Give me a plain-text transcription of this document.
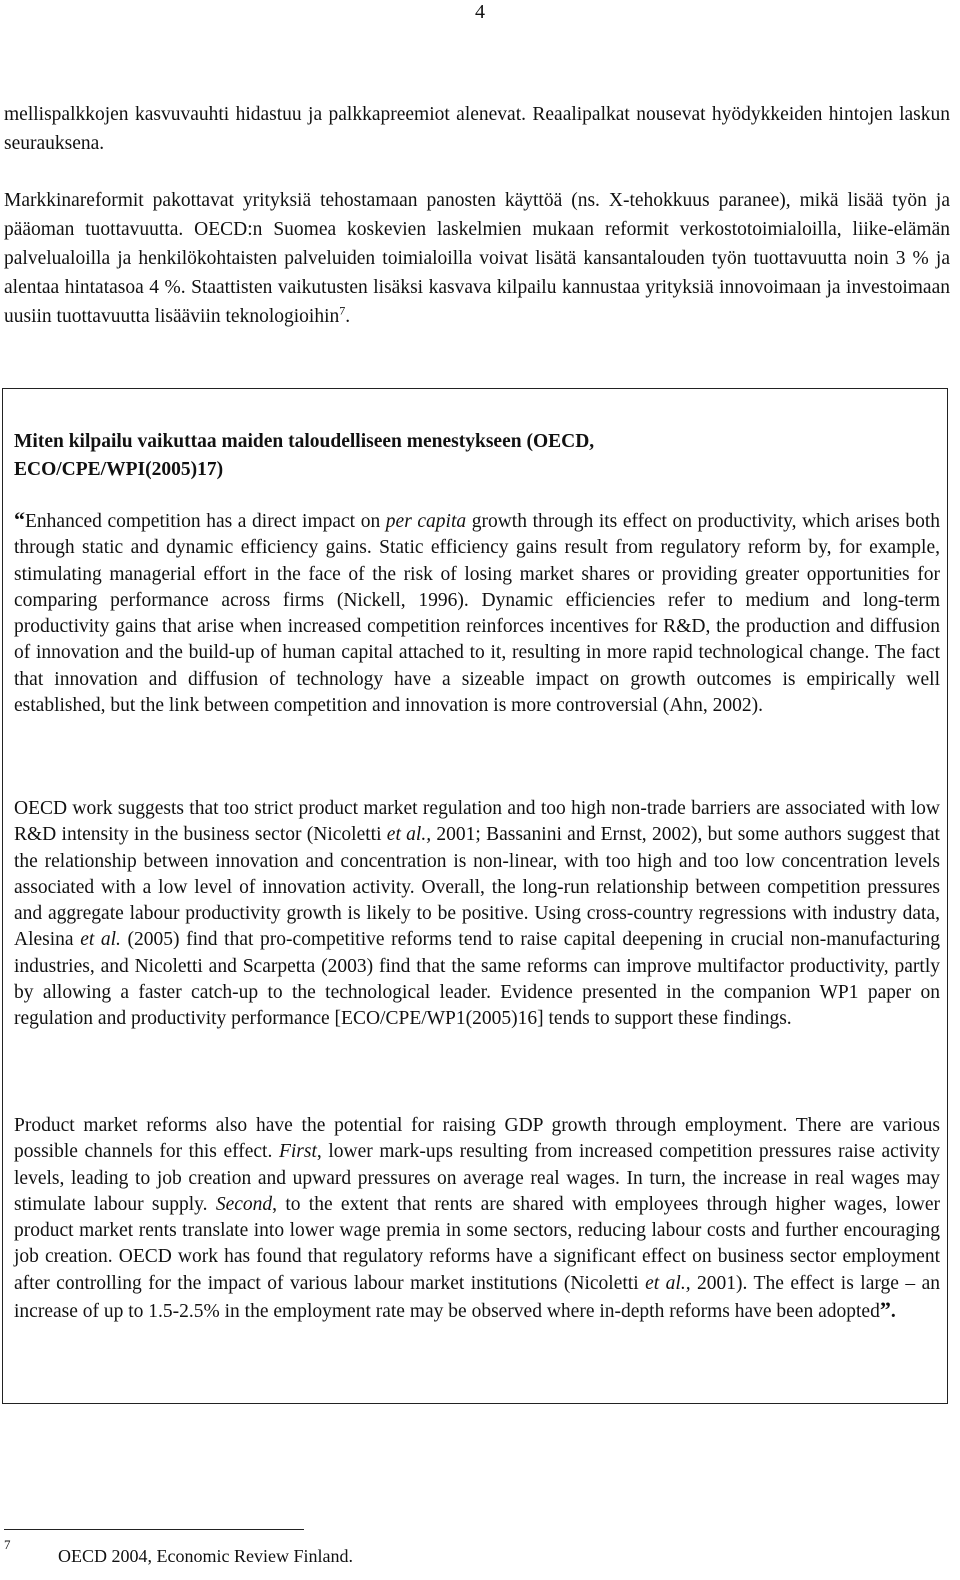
4

mellispalkkojen kasvuvauhti hidastuu ja palkkapreemiot alenevat. Reaalipalkat nousevat hyödykkeiden hintojen laskun seurauksena.

Markkinareformit pakottavat yrityksiä tehostamaan panosten käyttöä (ns. X-tehokkuus paranee), mikä lisää työn ja pääoman tuottavuutta. OECD:n Suomea koskevien laskelmien mukaan reformit verkostotoimialoilla, liike-elämän palvelualoilla ja henkilökohtaisten palveluiden toimialoilla voivat lisätä kansantalouden työn tuottavuutta noin 3 % ja alentaa hintatasoa 4 %. Staattisten vaikutusten lisäksi kasvava kilpailu kannustaa yrityksiä innovoimaan ja investoimaan uusiin tuottavuutta lisääviin teknologioihin$^7$.

Miten kilpailu vaikuttaa maiden taloudelliseen menestykseen (OECD,
ECO/CPE/WPI(2005)17)

“Enhanced competition has a direct impact on per capita growth through its effect on productivity, which arises both through static and dynamic efficiency gains. Static efficiency gains result from regulatory reform by, for example, stimulating managerial effort in the face of the risk of losing market shares or providing greater opportunities for comparing performance across firms (Nickell, 1996). Dynamic efficiencies refer to medium and long-term productivity gains that arise when increased competition reinforces incentives for R&D, the production and diffusion of innovation and the build-up of human capital attached to it, resulting in more rapid technological change. The fact that innovation and diffusion of technology have a sizeable impact on growth outcomes is empirically well established, but the link between competition and innovation is more controversial (Ahn, 2002).

OECD work suggests that too strict product market regulation and too high non-trade barriers are associated with low R&D intensity in the business sector (Nicoletti et al., 2001; Bassanini and Ernst, 2002), but some authors suggest that the relationship between innovation and concentration is non-linear, with too high and too low concentration levels associated with a low level of innovation activity. Overall, the long-run relationship between competition pressures and aggregate labour productivity growth is likely to be positive. Using cross-country regressions with industry data, Alesina et al. (2005) find that pro-competitive reforms tend to raise capital deepening in crucial non-manufacturing industries, and Nicoletti and Scarpetta (2003) find that the same reforms can improve multifactor productivity, partly by allowing a faster catch-up to the technological leader. Evidence presented in the companion WP1 paper on regulation and productivity performance [ECO/CPE/WP1(2005)16] tends to support these findings.

Product market reforms also have the potential for raising GDP growth through employment. There are various possible channels for this effect. First, lower mark-ups resulting from increased competition pressures raise activity levels, leading to job creation and upward pressures on average real wages. In turn, the increase in real wages may stimulate labour supply. Second, to the extent that rents are shared with employees through higher wages, lower product market rents translate into lower wage premia in some sectors, reducing labour costs and further encouraging job creation. OECD work has found that regulatory reforms have a significant effect on business sector employment after controlling for the impact of various labour market institutions (Nicoletti et al., 2001). The effect is large – an increase of up to 1.5-2.5% in the employment rate may be observed where in-depth reforms have been adopted”.

7
OECD 2004, Economic Review Finland.
